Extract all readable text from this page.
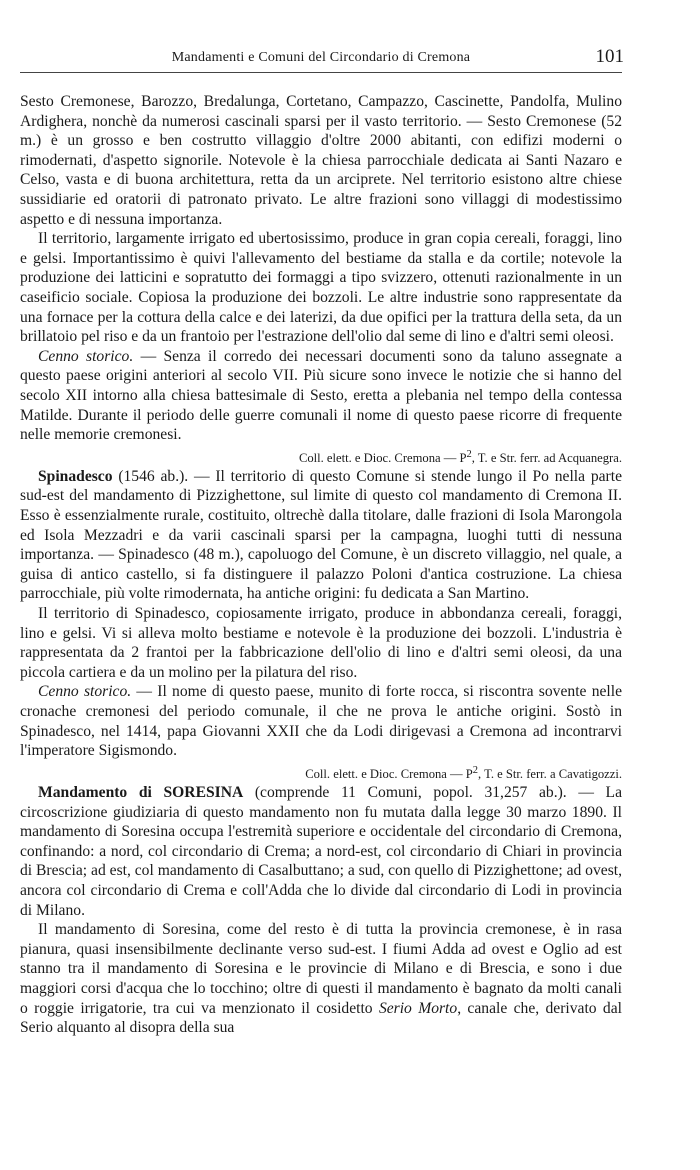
Mandamenti e Comuni del Circondario di Cremona	101

Sesto Cremonese, Barozzo, Bredalunga, Cortetano, Campazzo, Cascinette, Pandolfa, Mulino Ardighera, nonchè da numerosi cascinali sparsi per il vasto territorio. — Sesto Cremonese (52 m.) è un grosso e ben costrutto villaggio d'oltre 2000 abitanti, con edifizi moderni o rimodernati, d'aspetto signorile. Notevole è la chiesa parrocchiale dedicata ai Santi Nazaro e Celso, vasta e di buona architettura, retta da un arciprete. Nel territorio esistono altre chiese sussidiarie ed oratorii di patronato privato. Le altre frazioni sono villaggi di modestissimo aspetto e di nessuna importanza.

Il territorio, largamente irrigato ed ubertosissimo, produce in gran copia cereali, foraggi, lino e gelsi. Importantissimo è quivi l'allevamento del bestiame da stalla e da cortile; notevole la produzione dei latticini e sopratutto dei formaggi a tipo svizzero, ottenuti razionalmente in un caseificio sociale. Copiosa la produzione dei bozzoli. Le altre industrie sono rappresentate da una fornace per la cottura della calce e dei laterizi, da due opifici per la trattura della seta, da un brillatoio pel riso e da un frantoio per l'estrazione dell'olio dal seme di lino e d'altri semi oleosi.

Cenno storico. — Senza il corredo dei necessari documenti sono da taluno assegnate a questo paese origini anteriori al secolo VII. Più sicure sono invece le notizie che si hanno del secolo XII intorno alla chiesa battesimale di Sesto, eretta a plebania nel tempo della contessa Matilde. Durante il periodo delle guerre comunali il nome di questo paese ricorre di frequente nelle memorie cremonesi.

Coll. elett. e Dioc. Cremona — $P^2$, T. e Str. ferr. ad Acquanegra.

Spinadesco (1546 ab.). — Il territorio di questo Comune si stende lungo il Po nella parte sud-est del mandamento di Pizzighettone, sul limite di questo col mandamento di Cremona II. Esso è essenzialmente rurale, costituito, oltrechè dalla titolare, dalle frazioni di Isola Marongola ed Isola Mezzadri e da varii cascinali sparsi per la campagna, luoghi tutti di nessuna importanza. — Spinadesco (48 m.), capoluogo del Comune, è un discreto villaggio, nel quale, a guisa di antico castello, si fa distinguere il palazzo Poloni d'antica costruzione. La chiesa parrocchiale, più volte rimodernata, ha antiche origini: fu dedicata a San Martino.

Il territorio di Spinadesco, copiosamente irrigato, produce in abbondanza cereali, foraggi, lino e gelsi. Vi si alleva molto bestiame e notevole è la produzione dei bozzoli. L'industria è rappresentata da 2 frantoi per la fabbricazione dell'olio di lino e d'altri semi oleosi, da una piccola cartiera e da un molino per la pilatura del riso.

Cenno storico. — Il nome di questo paese, munito di forte rocca, si riscontra sovente nelle cronache cremonesi del periodo comunale, il che ne prova le antiche origini. Sostò in Spinadesco, nel 1414, papa Giovanni XXII che da Lodi dirigevasi a Cremona ad incontrarvi l'imperatore Sigismondo.

Coll. elett. e Dioc. Cremona — $P^2$, T. e Str. ferr. a Cavatigozzi.

Mandamento di SORESINA (comprende 11 Comuni, popol. 31,257 ab.). — La circoscrizione giudiziaria di questo mandamento non fu mutata dalla legge 30 marzo 1890. Il mandamento di Soresina occupa l'estremità superiore e occidentale del circondario di Cremona, confinando: a nord, col circondario di Crema; a nord-est, col circondario di Chiari in provincia di Brescia; ad est, col mandamento di Casalbuttano; a sud, con quello di Pizzighettone; ad ovest, ancora col circondario di Crema e coll'Adda che lo divide dal circondario di Lodi in provincia di Milano.

Il mandamento di Soresina, come del resto è di tutta la provincia cremonese, è in rasa pianura, quasi insensibilmente declinante verso sud-est. I fiumi Adda ad ovest e Oglio ad est stanno tra il mandamento di Soresina e le provincie di Milano e di Brescia, e sono i due maggiori corsi d'acqua che lo tocchino; oltre di questi il mandamento è bagnato da molti canali o roggie irrigatorie, tra cui va menzionato il cosidetto Serio Morto, canale che, derivato dal Serio alquanto al disopra della sua
